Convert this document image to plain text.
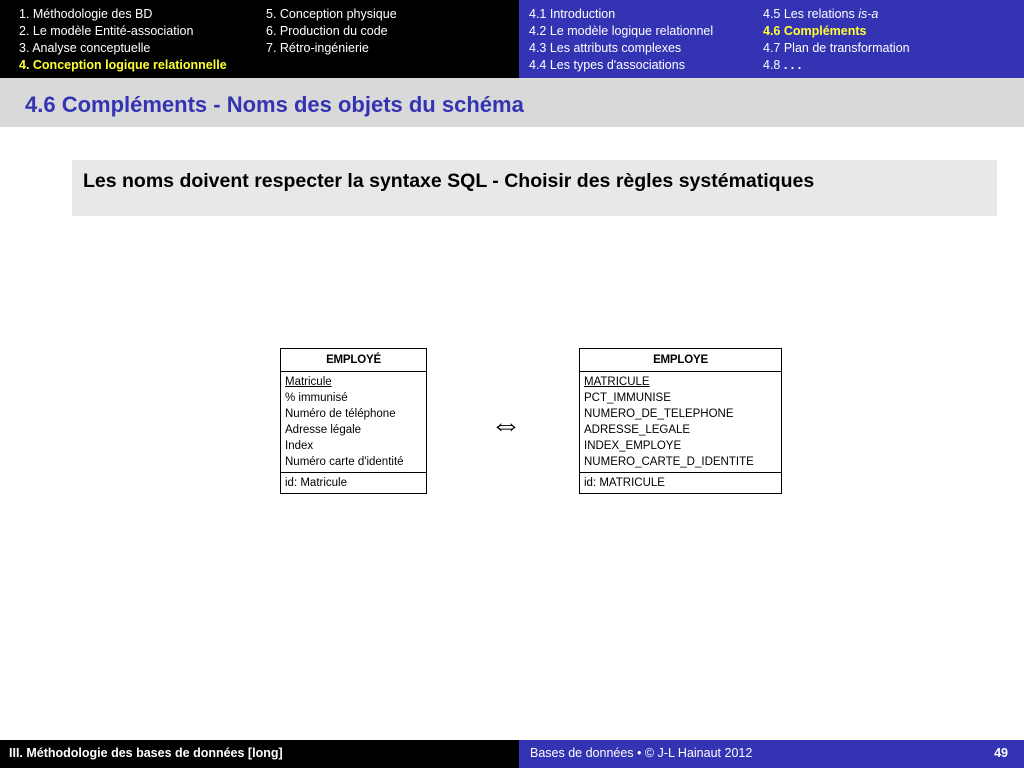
1. Méthodologie des BD
2. Le modèle Entité-association
3. Analyse conceptuelle
4. Conception logique relationnelle
5. Conception physique
6. Production du code
7. Rétro-ingénierie
4.1 Introduction
4.2 Le modèle logique relationnel
4.3 Les attributs complexes
4.4 Les types d'associations
4.5 Les relations is-a
4.6 Compléments
4.7 Plan de transformation
4.8 . . .
4.6 Compléments - Noms des objets du schéma
Les noms doivent respecter la syntaxe SQL - Choisir des règles systématiques
EMPLOYÉ
Matricule
% immunisé
Numéro de téléphone
Adresse légale
Index
Numéro carte d'identité
id: Matricule
⇔
EMPLOYE
MATRICULE
PCT_IMMUNISE
NUMERO_DE_TELEPHONE
ADRESSE_LEGALE
INDEX_EMPLOYE
NUMERO_CARTE_D_IDENTITE
id: MATRICULE
III. Méthodologie des bases de données [long]	Bases de données • © J-L Hainaut 2012	49
